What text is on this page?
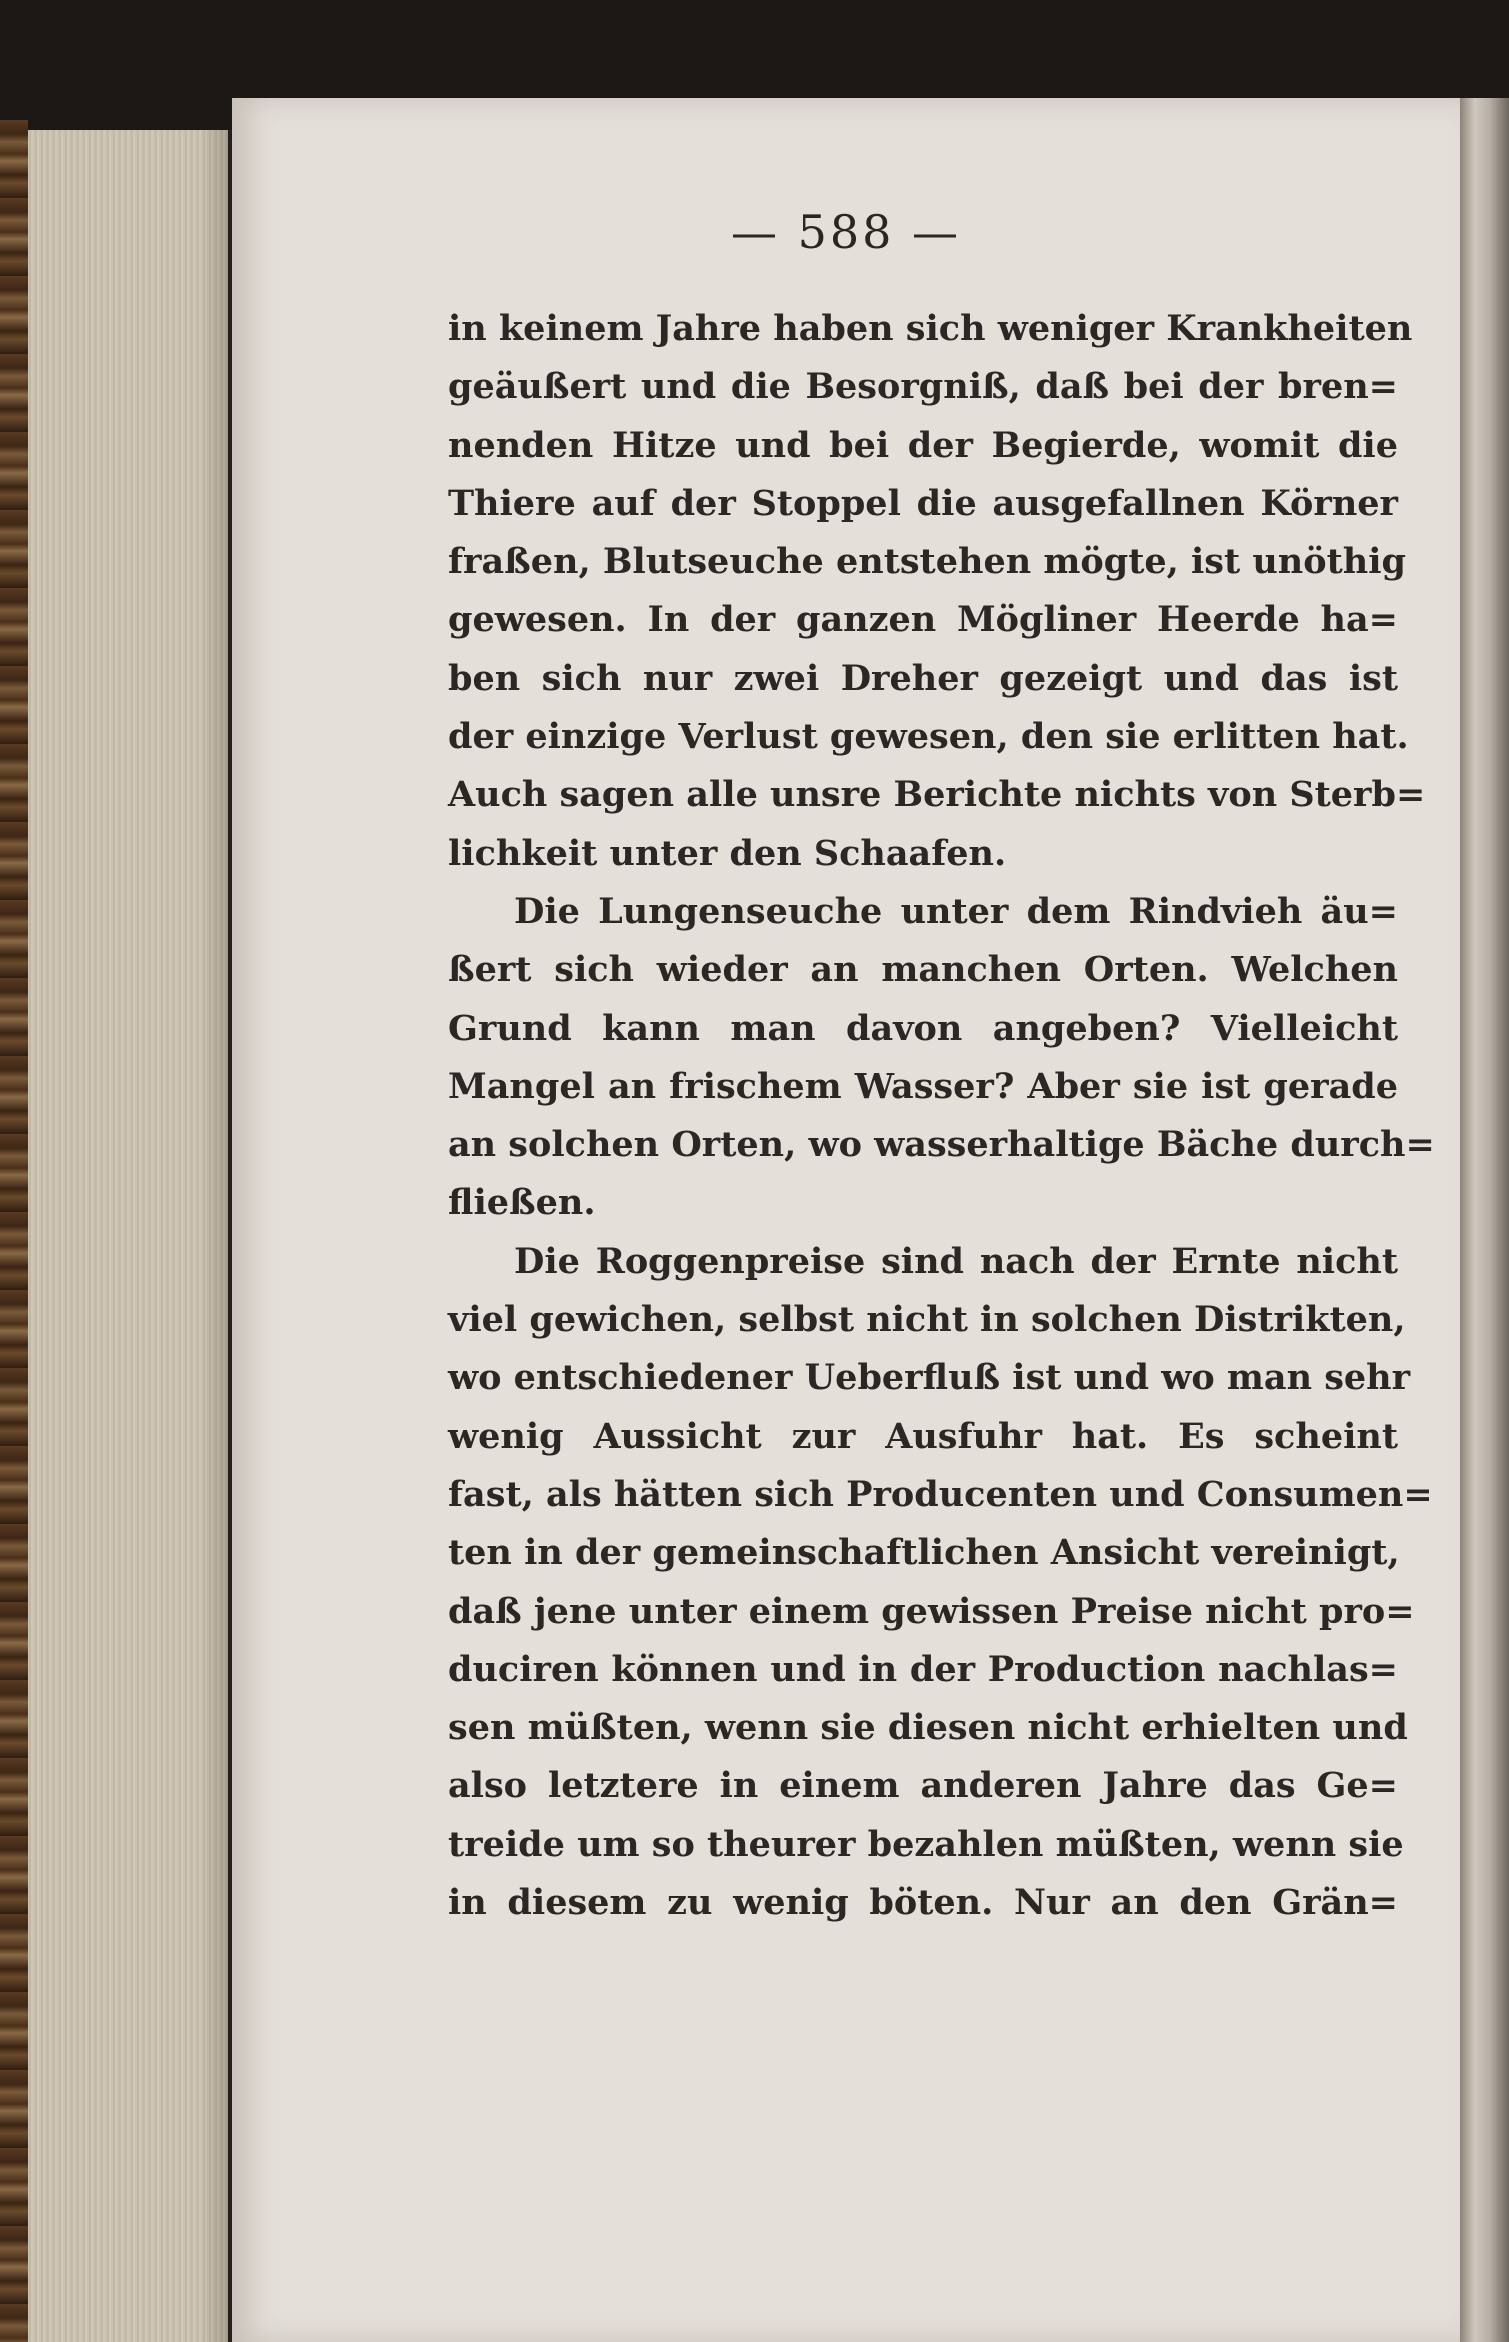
— 588 —
in keinem Jahre haben sich weniger Krankheiten
geäußert und die Besorgniß, daß bei der bren=
nenden Hitze und bei der Begierde, womit die
Thiere auf der Stoppel die ausgefallnen Körner
fraßen, Blutseuche entstehen mögte, ist unöthig
gewesen. In der ganzen Mögliner Heerde ha=
ben sich nur zwei Dreher gezeigt und das ist
der einzige Verlust gewesen, den sie erlitten hat.
Auch sagen alle unsre Berichte nichts von Sterb=
lichkeit unter den Schaafen.
Die Lungenseuche unter dem Rindvieh äu=
ßert sich wieder an manchen Orten. Welchen
Grund kann man davon angeben? Vielleicht
Mangel an frischem Wasser? Aber sie ist gerade
an solchen Orten, wo wasserhaltige Bäche durch=
fließen.
Die Roggenpreise sind nach der Ernte nicht
viel gewichen, selbst nicht in solchen Distrikten,
wo entschiedener Ueberfluß ist und wo man sehr
wenig Aussicht zur Ausfuhr hat. Es scheint
fast, als hätten sich Producenten und Consumen=
ten in der gemeinschaftlichen Ansicht vereinigt,
daß jene unter einem gewissen Preise nicht pro=
duciren können und in der Production nachlas=
sen müßten, wenn sie diesen nicht erhielten und
also letztere in einem anderen Jahre das Ge=
treide um so theurer bezahlen müßten, wenn sie
in diesem zu wenig böten. Nur an den Grän=
